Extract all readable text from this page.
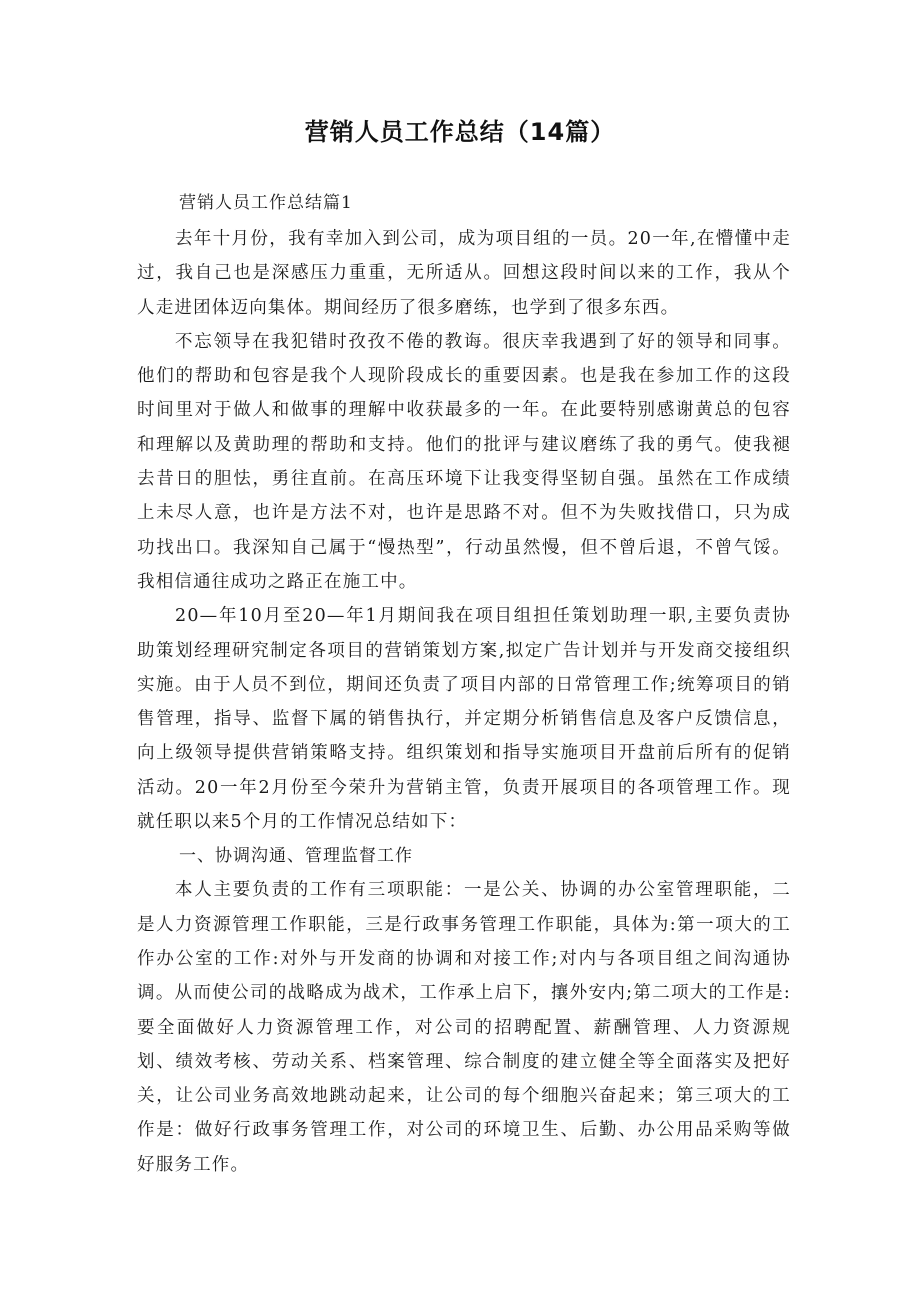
营销人员工作总结（14篇）

营销人员工作总结篇1

去年十月份，我有幸加入到公司，成为项目组的一员。20一年,在懵懂中走过，我自己也是深感压力重重，无所适从。回想这段时间以来的工作，我从个人走进团体迈向集体。期间经历了很多磨练，也学到了很多东西。

不忘领导在我犯错时孜孜不倦的教诲。很庆幸我遇到了好的领导和同事。他们的帮助和包容是我个人现阶段成长的重要因素。也是我在参加工作的这段时间里对于做人和做事的理解中收获最多的一年。在此要特别感谢黄总的包容和理解以及黄助理的帮助和支持。他们的批评与建议磨练了我的勇气。使我褪去昔日的胆怯，勇往直前。在高压环境下让我变得坚韧自强。虽然在工作成绩上未尽人意，也许是方法不对，也许是思路不对。但不为失败找借口，只为成功找出口。我深知自己属于“慢热型”，行动虽然慢，但不曾后退，不曾气馁。我相信通往成功之路正在施工中。

20—年10月至20—年1月期间我在项目组担任策划助理一职,主要负责协助策划经理研究制定各项目的营销策划方案,拟定广告计划并与开发商交接组织实施。由于人员不到位，期间还负责了项目内部的日常管理工作;统筹项目的销售管理，指导、监督下属的销售执行，并定期分析销售信息及客户反馈信息，向上级领导提供营销策略支持。组织策划和指导实施项目开盘前后所有的促销活动。20一年2月份至今荣升为营销主管，负责开展项目的各项管理工作。现就任职以来5个月的工作情况总结如下：

一、协调沟通、管理监督工作

本人主要负责的工作有三项职能：一是公关、协调的办公室管理职能，二是人力资源管理工作职能，三是行政事务管理工作职能，具体为:第一项大的工作办公室的工作:对外与开发商的协调和对接工作;对内与各项目组之间沟通协调。从而使公司的战略成为战术，工作承上启下，攘外安内;第二项大的工作是:要全面做好人力资源管理工作，对公司的招聘配置、薪酬管理、人力资源规划、绩效考核、劳动关系、档案管理、综合制度的建立健全等全面落实及把好关，让公司业务高效地跳动起来，让公司的每个细胞兴奋起来；第三项大的工作是：做好行政事务管理工作，对公司的环境卫生、后勤、办公用品采购等做好服务工作。
